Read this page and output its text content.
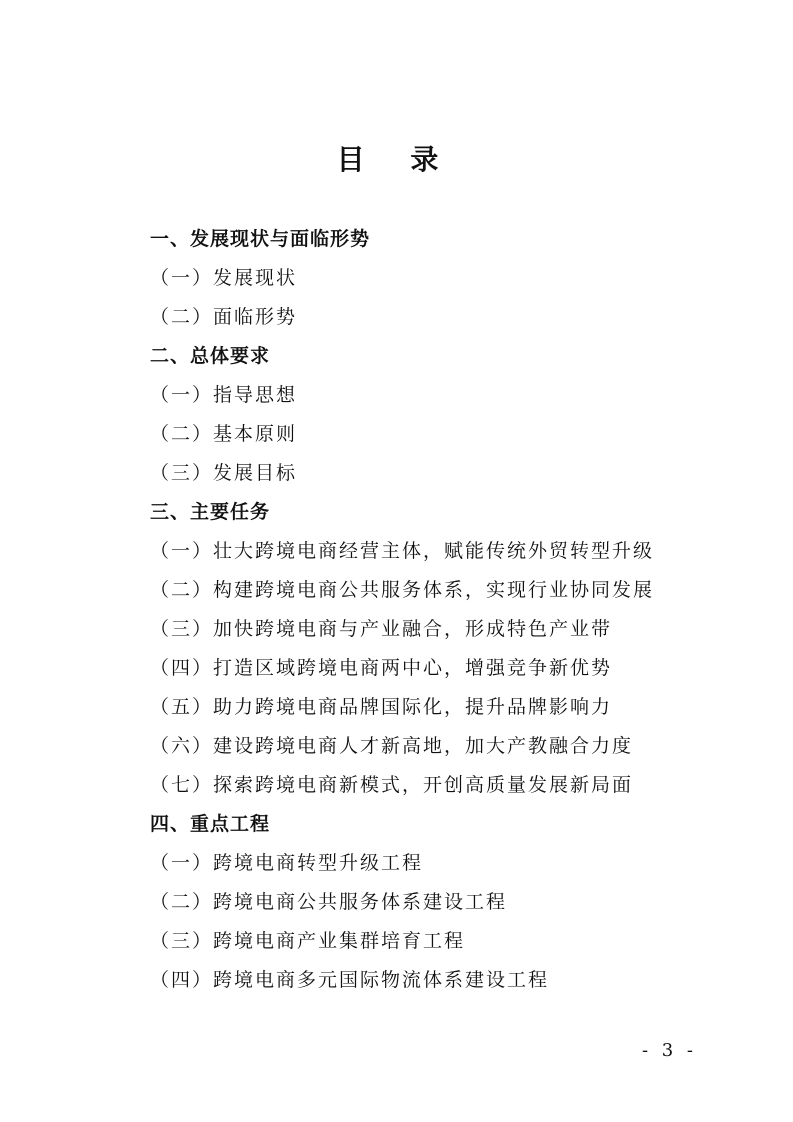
目 录
一、发展现状与面临形势
（一）发展现状
（二）面临形势
二、总体要求
（一）指导思想
（二）基本原则
（三）发展目标
三、主要任务
（一）壮大跨境电商经营主体，赋能传统外贸转型升级
（二）构建跨境电商公共服务体系，实现行业协同发展
（三）加快跨境电商与产业融合，形成特色产业带
（四）打造区域跨境电商两中心，增强竞争新优势
（五）助力跨境电商品牌国际化，提升品牌影响力
（六）建设跨境电商人才新高地，加大产教融合力度
（七）探索跨境电商新模式，开创高质量发展新局面
四、重点工程
（一）跨境电商转型升级工程
（二）跨境电商公共服务体系建设工程
（三）跨境电商产业集群培育工程
（四）跨境电商多元国际物流体系建设工程
- 3 -
